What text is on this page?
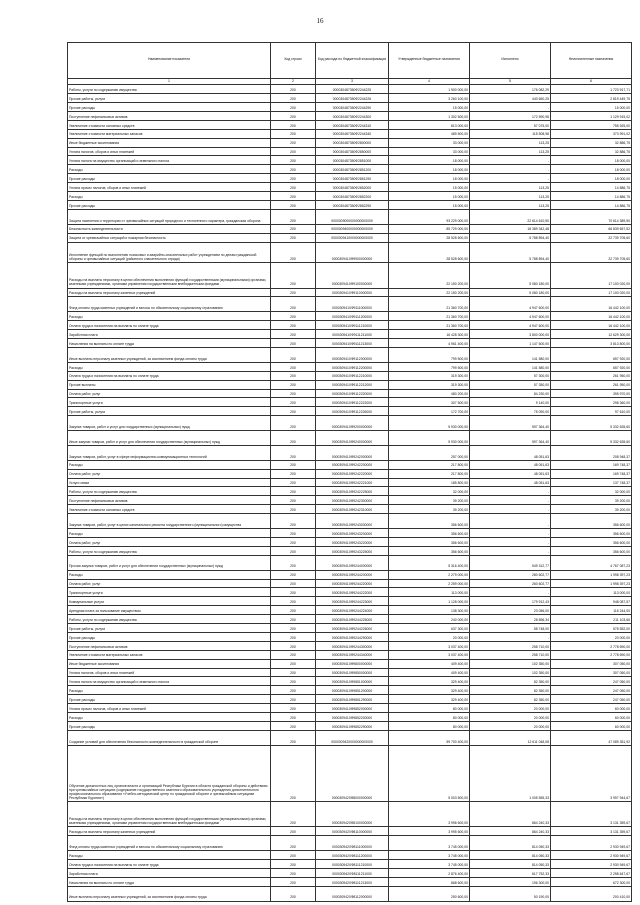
16
Наименование показателя	Код строки	Код расхода по бюджетной классификации	Утвержденные бюджетные назначения	Исполнено	Неисполненные назначения
1	2	3	4	5	6
Работы, услуги по содержанию имущества	200	000030487350Ф2244225	1 900 000,00	176 082,29	1 723 917,71
Прочие работы, услуги	200	000030487350Ф2244226	3 260 100,00	440 650,25	2 819 449,75
Прочие расходы	200	000030487350Ф2244290	15 000,00	-	15 000,00
Поступление нефинансовых активов	200	000030487350Ф2244300	1 302 500,00	172 590,98	1 129 915,02
Увеличение стоимости основных средств	200	000030487350Ф2244310	813 000,00	57 075,00	755 925,00
Увеличение стоимости материальных запасов	200	000030487350Ф2244340	489 500,00	115 508,98	373 991,02
Иные бюджетные ассигнования	200	000030487350Ф2800000	33 000,00	113,25	32 886,75
Уплата налогов, сборов и иных платежей	200	000030487350Ф2850000	33 000,00	113,25	32 886,75
Уплата налога на имущество организаций и земельного налога	200	000030487350Ф2851000	18 000,00	-	18 000,00
Расходы	200	000030487350Ф2851200	18 000,00	-	18 000,00
Прочие расходы	200	000030487350Ф2851290	18 000,00	-	18 000,00
Уплата прочих налогов, сборов и иных платежей	200	000030487350Ф2852000	15 000,00	113,25	14 886,75
Расходы	200	000030487350Ф2852200	15 000,00	113,25	14 886,75
Прочие расходы	200	000030487350Ф2852290	15 000,00	113,25	14 886,75
Защита населения и территории от чрезвычайных ситуаций природного и техногенного характера, гражданская оборона	200	0000309000000000000000	93 229 000,00	22 614 610,50	70 614 389,50
Безопасность жизнедеятельности	200	0000309400000000000000	85 729 000,00	18 389 342,48	66 839 657,52
Защита от чрезвычайных ситуаций и пожарная безопасность	200	0000309410000000000000	28 528 600,00	5 788 894,40	22 739 705,60
Исполнение функций по выполнению поисковых и аварийно-спасательных работ учреждением по делам гражданской обороны и чрезвычайных ситуаций (районного спасательного отряда)	200	0000309410Ф9900000000	28 528 600,00	5 788 894,40	22 739 705,60
Расходы на выплаты персоналу в целях обеспечения выполнения функций государственными (муниципальными) органами, казенными учреждениями, органами управления государственными внебюджетными фондами	200	0000309410Ф9100000000	22 150 200,00	5 080 180,00	17 100 020,00
Расходы на выплаты персоналу казенных учреждений	200	0000309410Ф9110000000	22 150 200,00	5 080 180,00	17 100 020,00
Фонд оплаты труда казенных учреждений и взносы по обязательному социальному страхованию	200	0000309410Ф9111000000	21 360 700,00	4 947 600,00	16 442 100,00
Расходы	200	0000309410Ф9111200000	21 360 700,00	4 947 600,00	16 442 100,00
Оплата труда и начисления на выплаты по оплате труда	200	0000309410Ф9111210000	21 360 700,00	4 947 600,00	16 442 100,00
Заработная плата	200	0000309410Ф9111211000	16 428 300,00	3 800 000,00	12 629 300,00
Начисления на выплаты по оплате труда	200	0000309410Ф9111213000	4 961 400,00	1 147 600,00	3 813 800,00
Иные выплаты персоналу казенных учреждений, за исключением фонда оплаты труда	200	0000309410Ф9112000000	799 500,00	141 580,00	657 920,00
Расходы	200	0000309410Ф9112200000	799 500,00	141 580,00	657 920,00
Оплата труда и начисления на выплаты по оплате труда	200	0000309410Ф9112210000	319 300,00	57 300,00	261 950,00
Прочие выплаты	200	0000309410Ф9112212000	319 300,00	57 350,00	261 950,00
Оплата работ, услуг	200	0000309410Ф9112220000	480 200,00	84 230,00	395 970,00
Транспортные услуги	200	0000309410Ф9112222000	307 500,00	9 140,00	298 360,00
Прочие работы, услуги	200	0000309410Ф9112226000	172 700,00	75 090,00	97 610,00
Закупка товаров, работ и услуг для государственных (муниципальных) нужд	200	0000309410Ф9200000000	5 930 000,00	597 364,40	5 332 635,60
Иные закупки товаров, работ и услуг для обеспечения государственных (муниципальных) нужд	200	0000309410Ф9240000000	5 930 000,00	597 364,40	5 332 635,60
Закупка товаров, работ, услуг в сфере информационно-коммуникационных технологий	200	0000309410Ф9242000000	257 000,00	48 051,63	208 948,37
Расходы	200	0000309410Ф9242200000	217 800,00	48 051,63	169 748,37
Оплата работ, услуг	200	0000309410Ф9242220000	217 800,00	48 051,63	169 748,37
Услуги связи	200	0000309410Ф9242221000	185 800,00	48 051,63	137 748,37
Работы, услуги по содержанию имущества	200	0000309410Ф9242225000	32 000,00	-	32 000,00
Поступление нефинансовых активов	200	0000309410Ф9242300000	39 200,00	-	39 200,00
Увеличение стоимости основных средств	200	0000309410Ф9242310000	39 200,00	-	39 200,00
Закупка товаров, работ, услуг в целях капитального ремонта государственного (муниципального) имущества	200	0000309410Ф9243000000	356 600,00	-	356 600,00
Расходы	200	0000309410Ф9243200000	356 600,00	-	356 600,00
Оплата работ, услуг	200	0000309410Ф9243220000	356 600,00	-	356 600,00
Работы, услуги по содержанию имущества	200	0000309410Ф9243225000	356 600,00	-	356 600,00
Прочая закупка товаров, работ и услуг для обеспечения государственных (муниципальных) нужд	200	0000309410Ф9244000000	5 316 400,00	549 312,77	4 767 087,23
Расходы	200	0000309410Ф9244200000	2 279 000,00	280 602,77	1 998 397,23
Оплата работ, услуг	200	0000309410Ф9244220000	2 259 000,00	260 602,77	1 998 397,23
Транспортные услуги	200	0000309410Ф9244222000	113 000,00	-	113 000,00
Коммунальные услуги	200	0000309410Ф9244223000	1 128 000,00	179 912,43	948 087,57
Арендная плата за пользование имуществом	200	0000309410Ф9244224000	138 300,00	23 056,00	115 244,00
Работы, услуги по содержанию имущества	200	0000309410Ф9244225000	240 000,00	28 896,34	211 103,66
Прочие работы, услуги	200	0000309410Ф9244226000	637 300,00	58 748,00	578 552,00
Прочие расходы	200	0000309410Ф9244290000	20 000,00	-	20 000,00
Поступление нефинансовых активов	200	0000309410Ф9244300000	3 037 400,00	258 710,00	2 778 690,00
Увеличение стоимости материальных запасов	200	0000309410Ф9244340000	3 037 400,00	258 710,00	2 778 690,00
Иные бюджетные ассигнования	200	0000309410Ф9800000000	409 400,00	102 350,00	307 050,00
Уплата налогов, сборов и иных платежей	200	0000309410Ф9850000000	409 400,00	102 350,00	307 050,00
Уплата налога на имущество организаций и земельного налога	200	0000309410Ф9851000000	329 400,00	82 350,00	247 050,00
Расходы	200	0000309410Ф9851200000	329 400,00	82 350,00	247 050,00
Прочие расходы	200	0000309410Ф9851290000	329 400,00	82 350,00	247 050,00
Уплата прочих налогов, сборов и иных платежей	200	0000309410Ф9852000000	80 000,00	20 000,00	60 000,00
Расходы	200	0000309410Ф9852200000	80 000,00	20 000,00	60 000,00
Прочие расходы	200	0000309410Ф9852290000	80 000,00	20 000,00	60 000,00
Создание условий для обеспечения безопасности жизнедеятельности в гражданской обороне	200	0000309420000000000000	59 700 400,00	12 611 048,08	47 089 351,92
Обучение должностных лиц органов власти и организаций Республики Бурятия в области гражданской обороны и действиям при чрезвычайных ситуациях (содержание государственного казенного образовательного учреждения дополнительного профессионального образования «Учебно-методический центр по гражданской обороне и чрезвычайным ситуациям Республики Бурятия»)	200	0000309420Ф8000000000	5 003 500,00	1 005 555,33	3 997 944,67
Расходы на выплаты персоналу в целях обеспечения выполнения функций государственными (муниципальными) органами, казенными учреждениями, органами управления государственными внебюджетными фондами	200	0000309420Ф8100000000	3 996 600,00	864 240,33	3 131 359,67
Расходы на выплаты персоналу казенных учреждений	200	0000309420Ф8110000000	3 995 600,00	864 240,33	3 131 359,67
Фонд оплаты труда казенных учреждений и взносы по обязательному социальному страхованию	200	0000309420Ф8111000000	3 745 000,00	814 050,33	2 930 949,67
Расходы	200	0000309420Ф8111200000	3 745 000,00	814 050,33	2 930 949,67
Оплата труда и начисления на выплаты по оплате труда	200	0000309420Ф8111210000	3 745 000,00	814 050,33	2 930 949,67
Заработная плата	200	0000309420Ф8111211000	2 876 400,00	617 752,33	2 258 647,67
Начисления на выплаты по оплате труда	200	0000309420Ф8111213000	868 600,00	196 300,00	672 300,00
Иные выплаты персоналу казенных учреждений, за исключением фонда оплаты труда	200	0000309420Ф8112000000	250 600,00	50 190,00	200 410,00
